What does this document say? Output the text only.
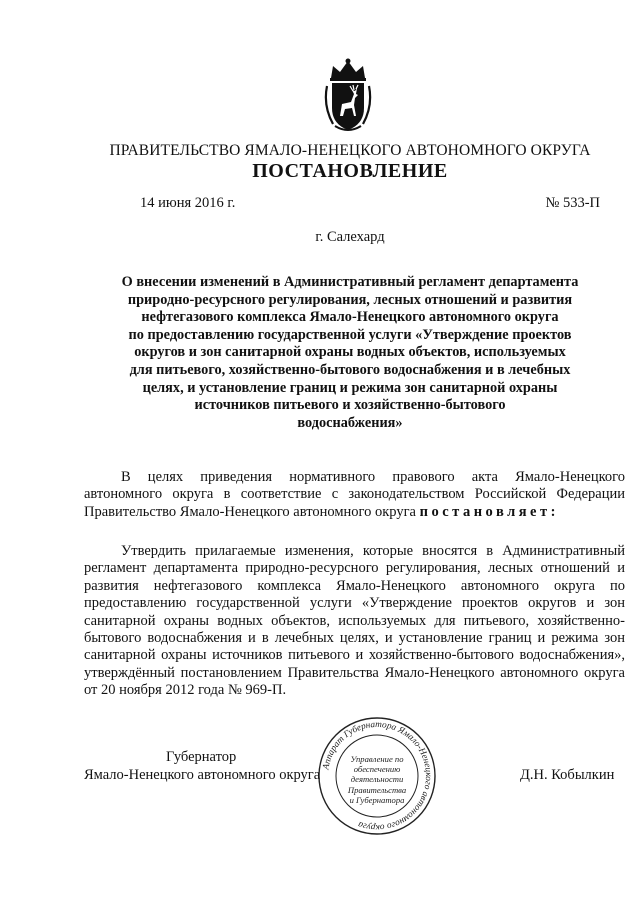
ПРАВИТЕЛЬСТВО ЯМАЛО-НЕНЕЦКОГО АВТОНОМНОГО ОКРУГА
ПОСТАНОВЛЕНИЕ
14 июня 2016 г.	№ 533-П
г. Салехард
О внесении изменений в Административный регламент департамента
природно-ресурсного регулирования, лесных отношений и развития
нефтегазового комплекса Ямало-Ненецкого автономного округа
по предоставлению государственной услуги «Утверждение проектов
округов и зон санитарной охраны водных объектов, используемых
для питьевого, хозяйственно-бытового водоснабжения и в лечебных
целях, и установление границ и режима зон санитарной охраны
источников питьевого и хозяйственно-бытового
водоснабжения»
В целях приведения нормативного правового акта Ямало-Ненецкого автономного округа в соответствие с законодательством Российской Федерации Правительство Ямало-Ненецкого автономного округа постановляет:
Утвердить прилагаемые изменения, которые вносятся в Административный регламент департамента природно-ресурсного регулирования, лесных отношений и развития нефтегазового комплекса Ямало-Ненецкого автономного округа по предоставлению государственной услуги «Утверждение проектов округов и зон санитарной охраны водных объектов, используемых для питьевого, хозяйственно-бытового водоснабжения и в лечебных целях, и установление границ и режима зон санитарной охраны источников питьевого и хозяйственно-бытового водоснабжения», утверждённый постановлением Правительства Ямало-Ненецкого автономного округа от 20 ноября 2012 года № 969-П.
Губернатор
Ямало-Ненецкого автономного округа	Д.Н. Кобылкин
Аппарат Губернатора Ямало-Ненецкого автономного округа
Управление по
обеспечению
деятельности
Правительства
и Губернатора
